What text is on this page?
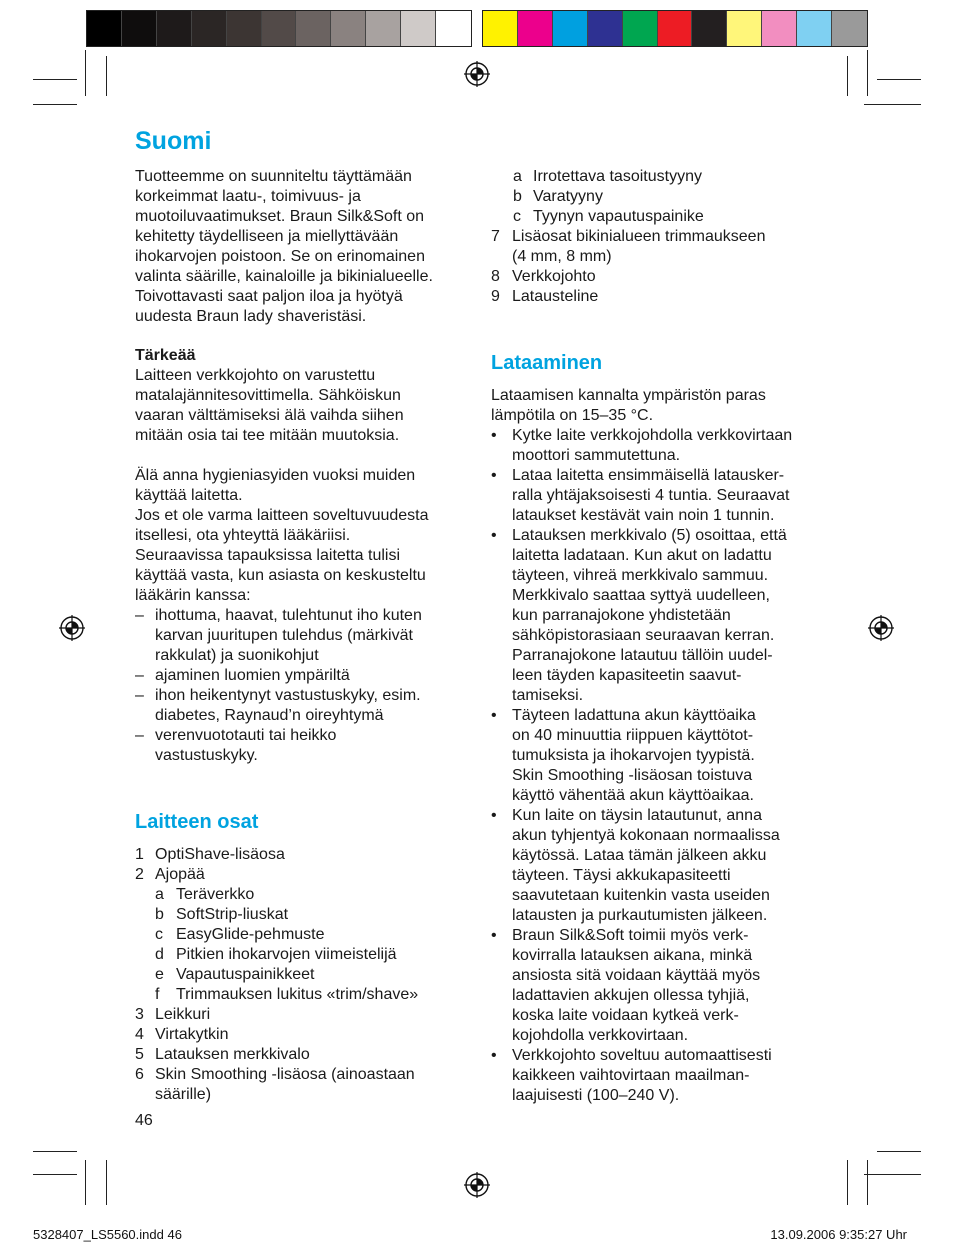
Suomi
Tuotteemme on suunniteltu täyttämään
korkeimmat laatu-, toimivuus- ja
muotoiluvaatimukset. Braun Silk&Soft on
kehitetty täydelliseen ja miellyttävään
ihokarvojen poistoon. Se on erinomainen
valinta säärille, kainaloille ja bikinialueelle.
Toivottavasti saat paljon iloa ja hyötyä
uudesta Braun lady shaveristäsi.
Tärkeää
Laitteen verkkojohto on varustettu
matalajännitesovittimella. Sähköiskun
vaaran välttämiseksi älä vaihda siihen
mitään osia tai tee mitään muutoksia.
Älä anna hygieniasyiden vuoksi muiden
käyttää laitetta.
Jos et ole varma laitteen soveltuvuudesta
itsellesi, ota yhteyttä lääkäriisi.
Seuraavissa tapauksissa laitetta tulisi
käyttää vasta, kun asiasta on keskusteltu
lääkärin kanssa:
– ihottuma, haavat, tulehtunut iho kuten
karvan juuritupen tulehdus (märkivät
rakkulat) ja suonikohjut
– ajaminen luomien ympäriltä
– ihon heikentynyt vastustuskyky, esim.
diabetes, Raynaud’n oireyhtymä
– verenvuototauti tai heikko
vastustuskyky.
Laitteen osat
1 OptiShave-lisäosa
2 Ajopää
a Teräverkko
b SoftStrip-liuskat
c EasyGlide-pehmuste
d Pitkien ihokarvojen viimeistelijä
e Vapautuspainikkeet
f Trimmauksen lukitus «trim/shave»
3 Leikkuri
4 Virtakytkin
5 Latauksen merkkivalo
6 Skin Smoothing -lisäosa (ainoastaan
säärille)
46
a Irrotettava tasoitustyyny
b Varatyyny
c Tyynyn vapautuspainike
7 Lisäosat bikinialueen trimmaukseen
(4 mm, 8 mm)
8 Verkkojohto
9 Latausteline
Lataaminen
Lataamisen kannalta ympäristön paras
lämpötila on 15–35 °C.
• Kytke laite verkkojohdolla verkkovirtaan
moottori sammutettuna.
• Lataa laitetta ensimmäisellä latausker-
ralla yhtäjaksoisesti 4 tuntia. Seuraavat
lataukset kestävät vain noin 1 tunnin.
• Latauksen merkkivalo (5) osoittaa, että
laitetta ladataan. Kun akut on ladattu
täyteen, vihreä merkkivalo sammuu.
Merkkivalo saattaa syttyä uudelleen,
kun parranajokone yhdistetään
sähköpistorasiaan seuraavan kerran.
Parranajokone latautuu tällöin uudel-
leen täyden kapasiteetin saavut-
tamiseksi.
• Täyteen ladattuna akun käyttöaika
on 40 minuuttia riippuen käyttötot-
tumuksista ja ihokarvojen tyypistä.
Skin Smoothing -lisäosan toistuva
käyttö vähentää akun käyttöaikaa.
• Kun laite on täysin latautunut, anna
akun tyhjentyä kokonaan normaalissa
käytössä. Lataa tämän jälkeen akku
täyteen. Täysi akkukapasiteetti
saavutetaan kuitenkin vasta useiden
latausten ja purkautumisten jälkeen.
• Braun Silk&Soft toimii myös verk-
kovirralla latauksen aikana, minkä
ansiosta sitä voidaan käyttää myös
ladattavien akkujen ollessa tyhjiä,
koska laite voidaan kytkeä verk-
kojohdolla verkkovirtaan.
• Verkkojohto soveltuu automaattisesti
kaikkeen vaihtovirtaan maailman-
laajuisesti (100–240 V).
5328407_LS5560.indd 46	13.09.2006 9:35:27 Uhr
